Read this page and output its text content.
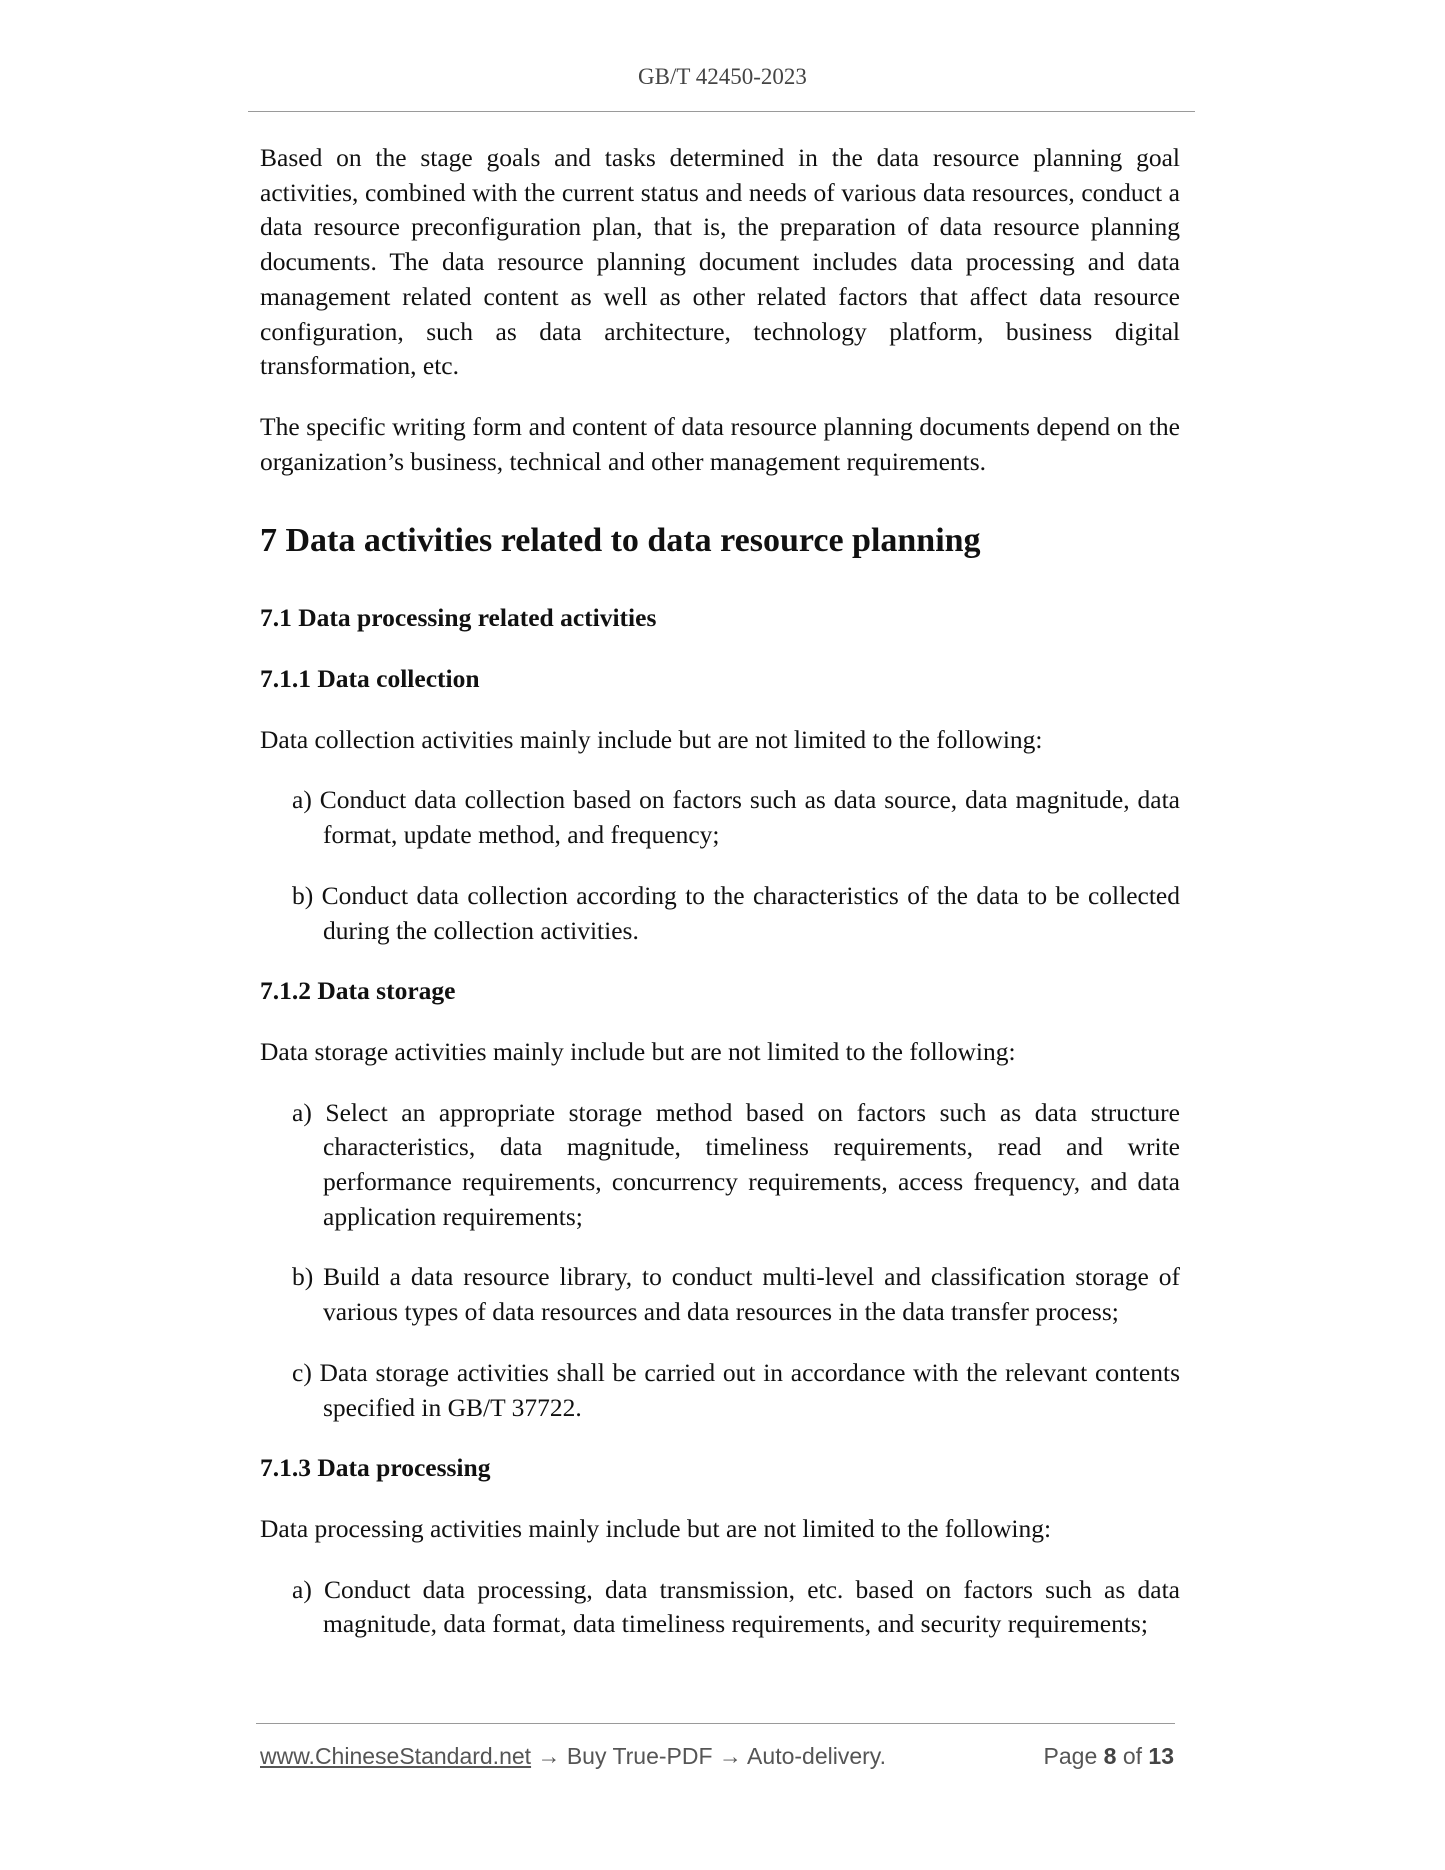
GB/T 42450-2023

Based on the stage goals and tasks determined in the data resource planning goal activities, combined with the current status and needs of various data resources, conduct a data resource preconfiguration plan, that is, the preparation of data resource planning documents. The data resource planning document includes data processing and data management related content as well as other related factors that affect data resource configuration, such as data architecture, technology platform, business digital transformation, etc.

The specific writing form and content of data resource planning documents depend on the organization’s business, technical and other management requirements.

7 Data activities related to data resource planning
7.1 Data processing related activities
7.1.1 Data collection

Data collection activities mainly include but are not limited to the following:

a) Conduct data collection based on factors such as data source, data magnitude, data format, update method, and frequency;
b) Conduct data collection according to the characteristics of the data to be collected during the collection activities.
7.1.2 Data storage

Data storage activities mainly include but are not limited to the following:

a) Select an appropriate storage method based on factors such as data structure characteristics, data magnitude, timeliness requirements, read and write performance requirements, concurrency requirements, access frequency, and data application requirements;
b) Build a data resource library, to conduct multi-level and classification storage of various types of data resources and data resources in the data transfer process;
c) Data storage activities shall be carried out in accordance with the relevant contents specified in GB/T 37722.
7.1.3 Data processing

Data processing activities mainly include but are not limited to the following:

a) Conduct data processing, data transmission, etc. based on factors such as data magnitude, data format, data timeliness requirements, and security requirements;
www.ChineseStandard.net → Buy True-PDF → Auto-delivery.	Page 8 of 13
